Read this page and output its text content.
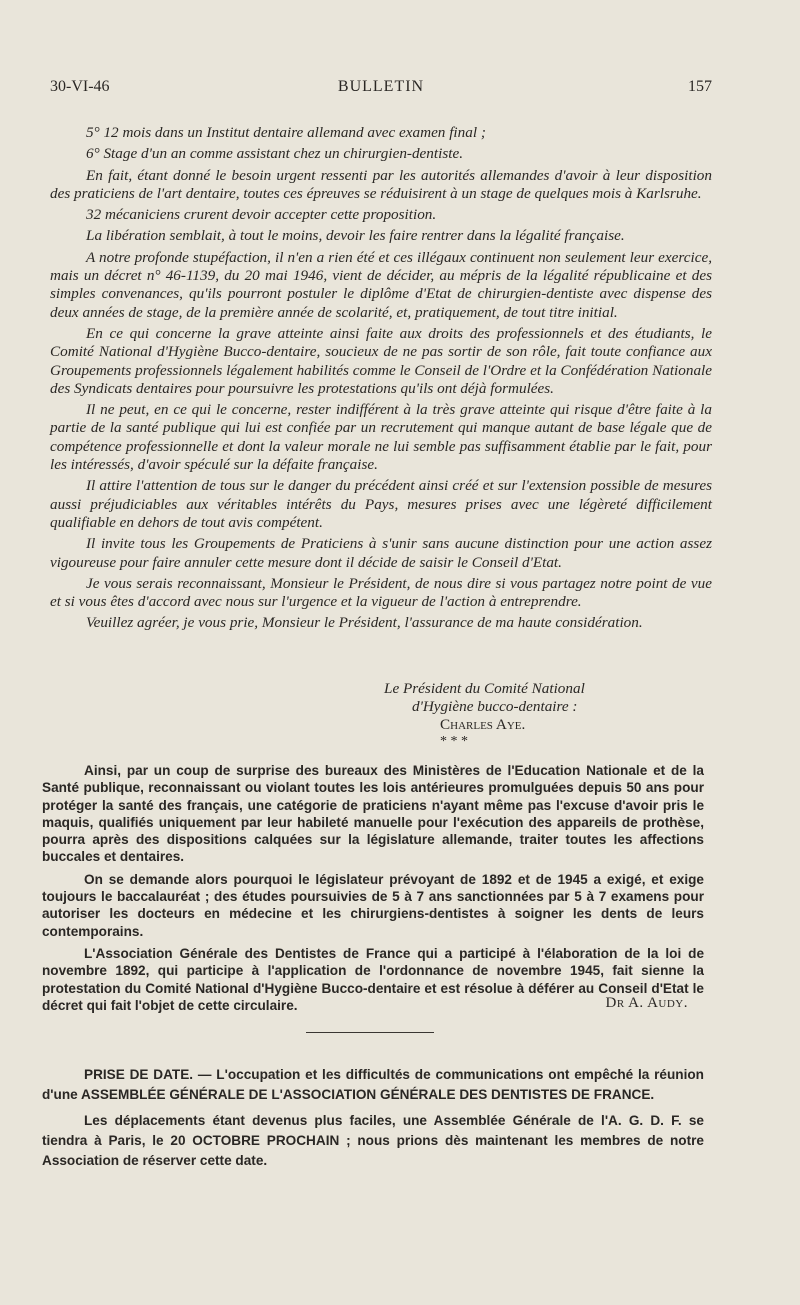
30-VI-46	BULLETIN	157

5° 12 mois dans un Institut dentaire allemand avec examen final ;

6° Stage d'un an comme assistant chez un chirurgien-dentiste.

En fait, étant donné le besoin urgent ressenti par les autorités allemandes d'avoir à leur disposition des praticiens de l'art dentaire, toutes ces épreuves se réduisirent à un stage de quelques mois à Karlsruhe.

32 mécaniciens crurent devoir accepter cette proposition.

La libération semblait, à tout le moins, devoir les faire rentrer dans la légalité française.

A notre profonde stupéfaction, il n'en a rien été et ces illégaux continuent non seulement leur exercice, mais un décret n° 46-1139, du 20 mai 1946, vient de décider, au mépris de la légalité républicaine et des simples convenances, qu'ils pourront postuler le diplôme d'Etat de chirurgien-dentiste avec dispense des deux années de stage, de la première année de scolarité, et, pratiquement, de tout titre initial.

En ce qui concerne la grave atteinte ainsi faite aux droits des professionnels et des étudiants, le Comité National d'Hygiène Bucco-dentaire, soucieux de ne pas sortir de son rôle, fait toute confiance aux Groupements professionnels légalement habilités comme le Conseil de l'Ordre et la Confédération Nationale des Syndicats dentaires pour poursuivre les protestations qu'ils ont déjà formulées.

Il ne peut, en ce qui le concerne, rester indifférent à la très grave atteinte qui risque d'être faite à la partie de la santé publique qui lui est confiée par un recrutement qui manque autant de base légale que de compétence professionnelle et dont la valeur morale ne lui semble pas suffisamment établie par le fait, pour les intéressés, d'avoir spéculé sur la défaite française.

Il attire l'attention de tous sur le danger du précédent ainsi créé et sur l'extension possible de mesures aussi préjudiciables aux véritables intérêts du Pays, mesures prises avec une légèreté difficilement qualifiable en dehors de tout avis compétent.

Il invite tous les Groupements de Praticiens à s'unir sans aucune distinction pour une action assez vigoureuse pour faire annuler cette mesure dont il décide de saisir le Conseil d'Etat.

Je vous serais reconnaissant, Monsieur le Président, de nous dire si vous partagez notre point de vue et si vous êtes d'accord avec nous sur l'urgence et la vigueur de l'action à entreprendre.

Veuillez agréer, je vous prie, Monsieur le Président, l'assurance de ma haute considération.

Le Président du Comité National
d'Hygiène bucco-dentaire :
Charles Aye.
* * *

Ainsi, par un coup de surprise des bureaux des Ministères de l'Education Nationale et de la Santé publique, reconnaissant ou violant toutes les lois antérieures promulguées depuis 50 ans pour protéger la santé des français, une catégorie de praticiens n'ayant même pas l'excuse d'avoir pris le maquis, qualifiés uniquement par leur habileté manuelle pour l'exécution des appareils de prothèse, pourra après des dispositions calquées sur la législature allemande, traiter toutes les affections buccales et dentaires.

On se demande alors pourquoi le législateur prévoyant de 1892 et de 1945 a exigé, et exige toujours le baccalauréat ; des études poursuivies de 5 à 7 ans sanctionnées par 5 à 7 examens pour autoriser les docteurs en médecine et les chirurgiens-dentistes à soigner les dents de leurs contemporains.

L'Association Générale des Dentistes de France qui a participé à l'élaboration de la loi de novembre 1892, qui participe à l'application de l'ordonnance de novembre 1945, fait sienne la protestation du Comité National d'Hygiène Bucco-dentaire et est résolue à déférer au Conseil d'Etat le décret qui fait l'objet de cette circulaire.	Dr A. Audy.

PRISE DE DATE. — L'occupation et les difficultés de communications ont empêché la réunion d'une ASSEMBLÉE GÉNÉRALE DE L'ASSOCIATION GÉNÉRALE DES DENTISTES DE FRANCE.

Les déplacements étant devenus plus faciles, une Assemblée Générale de l'A. G. D. F. se tiendra à Paris, le 20 OCTOBRE PROCHAIN ; nous prions dès maintenant les membres de notre Association de réserver cette date.
